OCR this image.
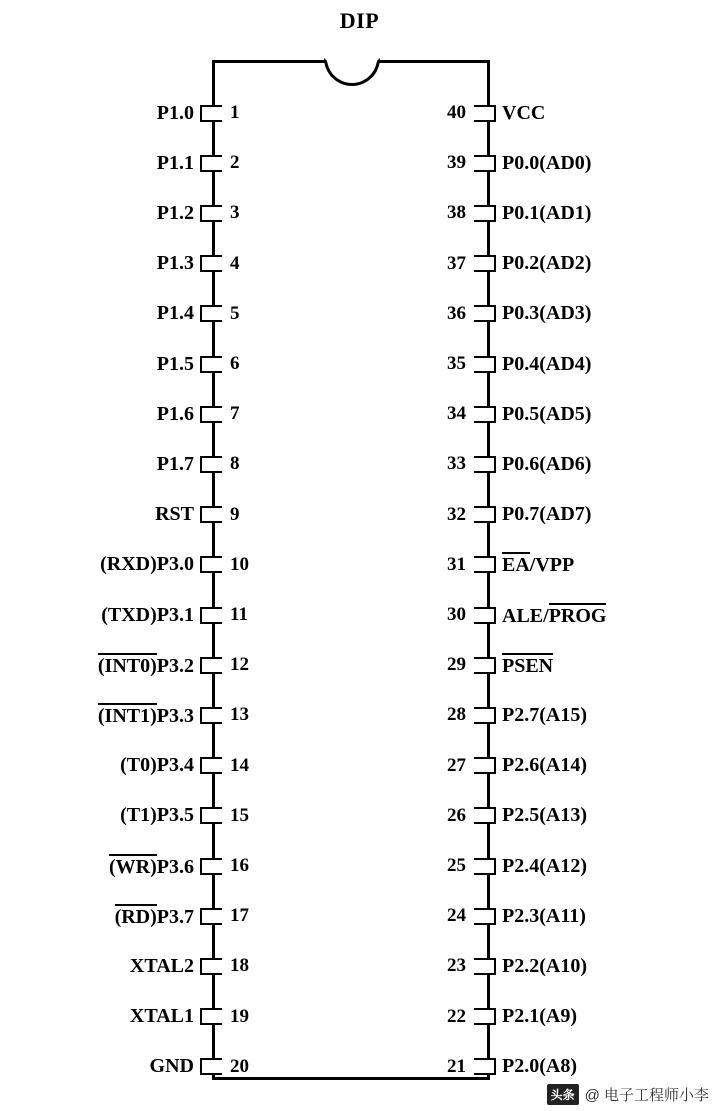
DIP
P1.0	1
P1.1	2
P1.2	3
P1.3	4
P1.4	5
P1.5	6
P1.6	7
P1.7	8
RST	9
(RXD)P3.0	10
(TXD)P3.1	11
(INT0)P3.2	12
(INT1)P3.3	13
(T0)P3.4	14
(T1)P3.5	15
(WR)P3.6	16
(RD)P3.7	17
XTAL2	18
XTAL1	19
GND	20
40	VCC
39	P0.0(AD0)
38	P0.1(AD1)
37	P0.2(AD2)
36	P0.3(AD3)
35	P0.4(AD4)
34	P0.5(AD5)
33	P0.6(AD6)
32	P0.7(AD7)
31	EA/VPP
30	ALE/PROG
29	PSEN
28	P2.7(A15)
27	P2.6(A14)
26	P2.5(A13)
25	P2.4(A12)
24	P2.3(A11)
23	P2.2(A10)
22	P2.1(A9)
21	P2.0(A8)
头条 @ 电子工程师小李
